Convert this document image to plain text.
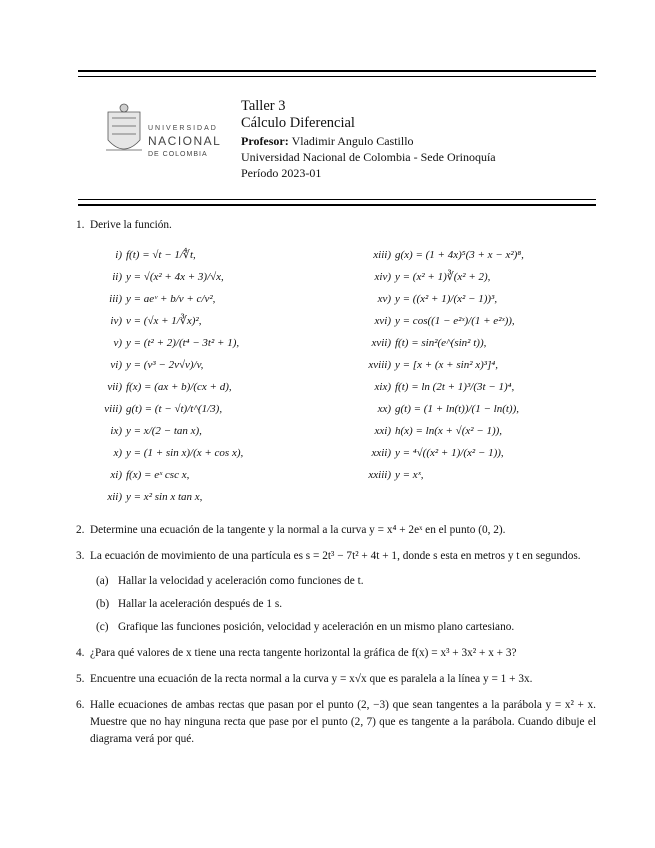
UNIVERSIDAD
NACIONAL
DE COLOMBIA
Taller 3
Cálculo Diferencial
Profesor: Vladimir Angulo Castillo
Universidad Nacional de Colombia - Sede Orinoquía
Período 2023-01
1. Derive la función.

i) f(t) = √t − 1/∜t,
ii) y = √(x² + 4x + 3)/√x,
iii) y = aeᵛ + b/v + c/v²,
iv) v = (√x + 1/∛x)²,
v) y = (t² + 2)/(t⁴ − 3t² + 1),
vi) y = (v³ − 2v√v)/v,
vii) f(x) = (ax + b)/(cx + d),
viii) g(t) = (t − √t)/t^(1/3),
ix) y = x/(2 − tan x),
x) y = (1 + sin x)/(x + cos x),
xi) f(x) = eˣ csc x,
xii) y = x² sin x tan x,
xiii) g(x) = (1 + 4x)⁵(3 + x − x²)⁸,
xiv) y = (x² + 1)∛(x² + 2),
xv) y = ((x² + 1)/(x² − 1))³,
xvi) y = cos((1 − e²ˣ)/(1 + e²ˣ)),
xvii) f(t) = sin²(e^(sin² t)),
xviii) y = [x + (x + sin² x)³]⁴,
xix) f(t) = ln (2t + 1)³/(3t − 1)⁴,
xx) g(t) = (1 + ln(t))/(1 − ln(t)),
xxi) h(x) = ln(x + √(x² − 1)),
xxii) y = ⁴√((x² + 1)/(x² − 1)),
xxiii) y = xˣ,
2. Determine una ecuación de la tangente y la normal a la curva y = x⁴ + 2eˣ en el punto (0, 2).

3. La ecuación de movimiento de una partícula es s = 2t³ − 7t² + 4t + 1, donde s esta en metros y t en segundos.

(a) Hallar la velocidad y aceleración como funciones de t.
(b) Hallar la aceleración después de 1 s.
(c) Grafique las funciones posición, velocidad y aceleración en un mismo plano cartesiano.
4. ¿Para qué valores de x tiene una recta tangente horizontal la gráfica de f(x) = x³ + 3x² + x + 3?

5. Encuentre una ecuación de la recta normal a la curva y = x√x que es paralela a la línea y = 1 + 3x.

6. Halle ecuaciones de ambas rectas que pasan por el punto (2, −3) que sean tangentes a la parábola y = x² + x. Muestre que no hay ninguna recta que pase por el punto (2, 7) que es tangente a la parábola. Cuando dibuje el diagrama verá por qué.
